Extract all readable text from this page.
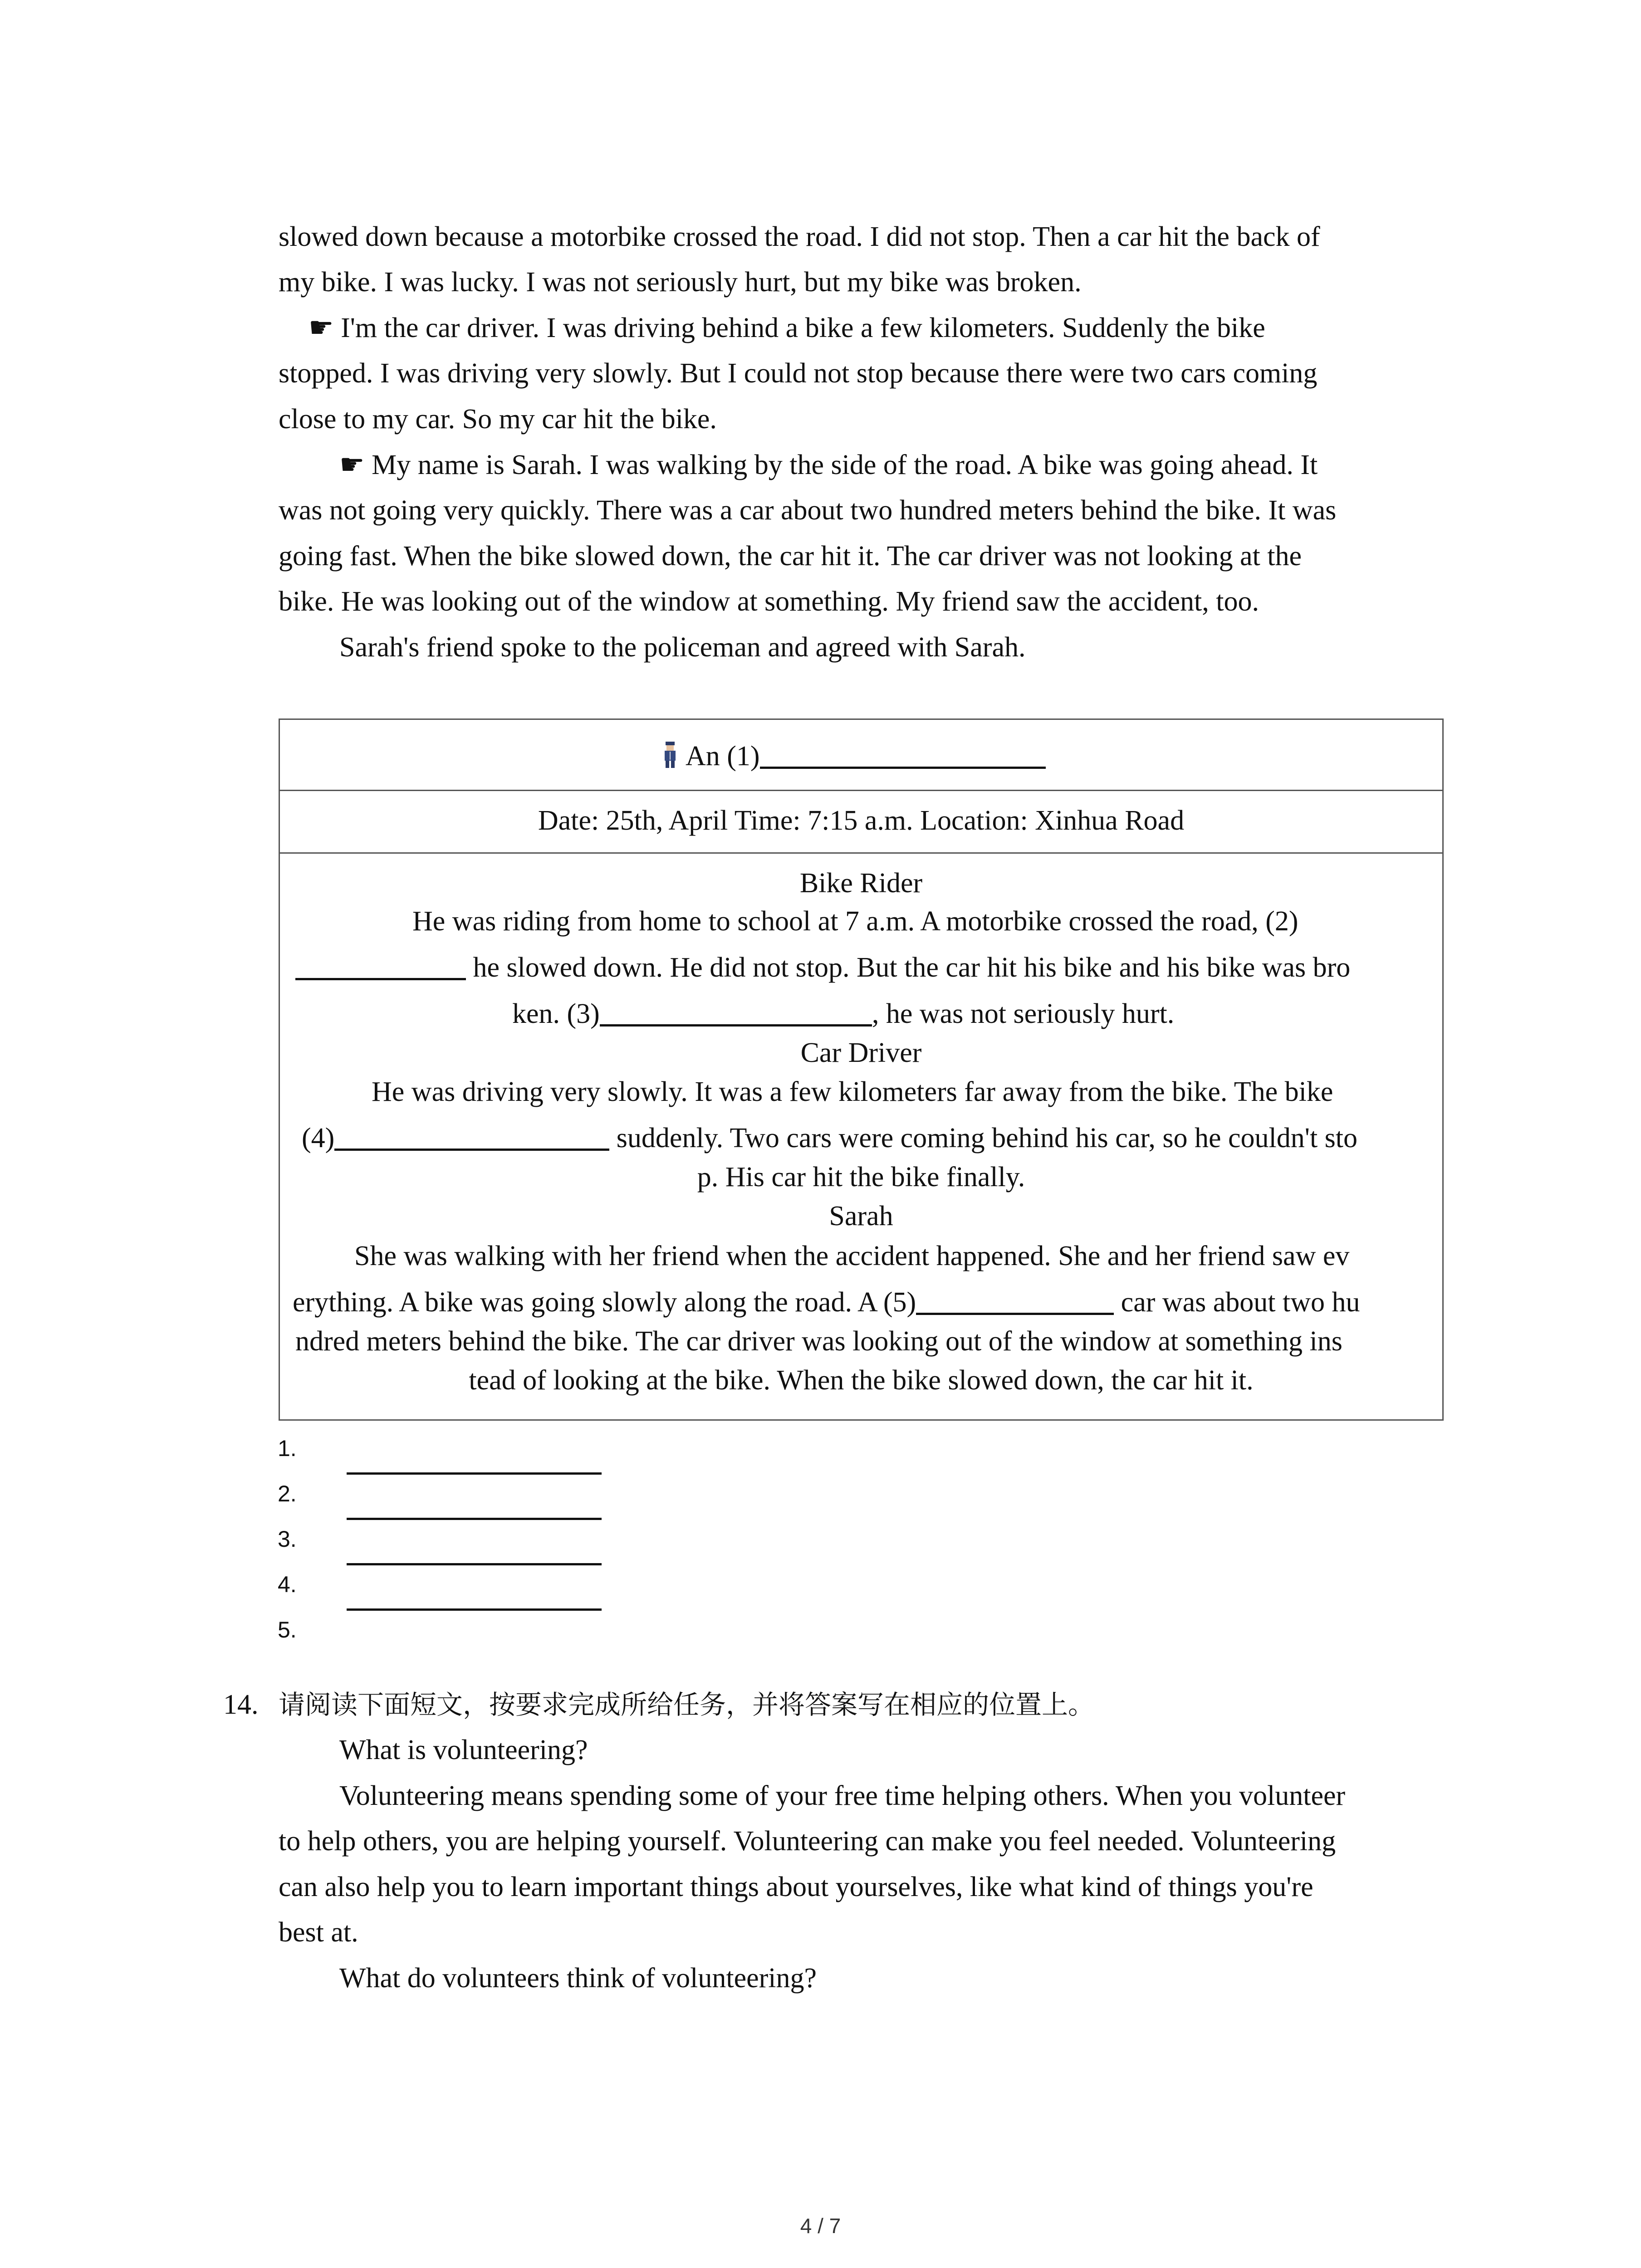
slowed down because a motorbike crossed the road. I did not stop. Then a car hit the back of
my bike. I was lucky. I was not seriously hurt, but my bike was broken.
☛ I'm the car driver. I was driving behind a bike a few kilometers. Suddenly the bike
stopped. I was driving very slowly. But I could not stop because there were two cars coming
close to my car. So my car hit the bike.
☛ My name is Sarah. I was walking by the side of the road. A bike was going ahead. It
was not going very quickly. There was a car about two hundred meters behind the bike. It was
going fast. When the bike slowed down, the car hit it. The car driver was not looking at the
bike. He was looking out of the window at something. My friend saw the accident, too.
Sarah's friend spoke to the policeman and agreed with Sarah.
An (1)
Date: 25th, April Time: 7:15 a.m. Location: Xinhua Road
Bike Rider
He was riding from home to school at 7 a.m. A motorbike crossed the road, (2)
he slowed down. He did not stop. But the car hit his bike and his bike was bro
ken. (3)	, he was not seriously hurt.
Car Driver
He was driving very slowly. It was a few kilometers far away from the bike. The bike
(4)	suddenly. Two cars were coming behind his car, so he couldn't sto
p. His car hit the bike finally.
Sarah
She was walking with her friend when the accident happened. She and her friend saw ev
erything. A bike was going slowly along the road. A (5)	car was about two hu
ndred meters behind the bike. The car driver was looking out of the window at something ins
tead of looking at the bike. When the bike slowed down, the car hit it.
1.
2.
3.
4.
5.
14. 请阅读下面短文，按要求完成所给任务，并将答案写在相应的位置上。
What is volunteering?
Volunteering means spending some of your free time helping others. When you volunteer
to help others, you are helping yourself. Volunteering can make you feel needed. Volunteering
can also help you to learn important things about yourselves, like what kind of things you're
best at.
What do volunteers think of volunteering?
4 / 7
